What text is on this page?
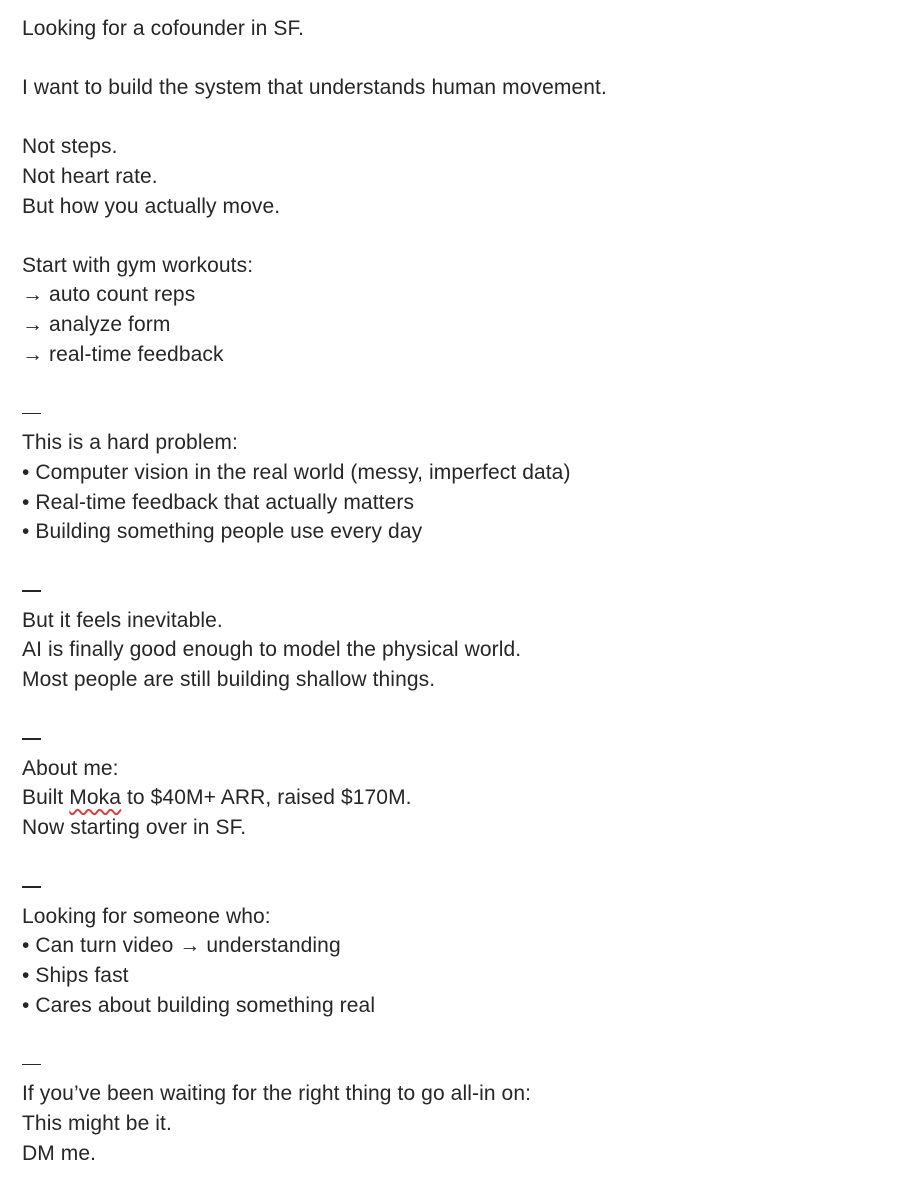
Looking for a cofounder in SF.
I want to build the system that understands human movement.
Not steps.
Not heart rate.
But how you actually move.
Start with gym workouts:
→ auto count reps
→ analyze form
→ real-time feedback
This is a hard problem:
• Computer vision in the real world (messy, imperfect data)
• Real-time feedback that actually matters
• Building something people use every day
But it feels inevitable.
AI is finally good enough to model the physical world.
Most people are still building shallow things.
About me:
Built Moka to $40M+ ARR, raised $170M.
Now starting over in SF.
Looking for someone who:
• Can turn video → understanding
• Ships fast
• Cares about building something real
If you’ve been waiting for the right thing to go all-in on:
This might be it.
DM me.
